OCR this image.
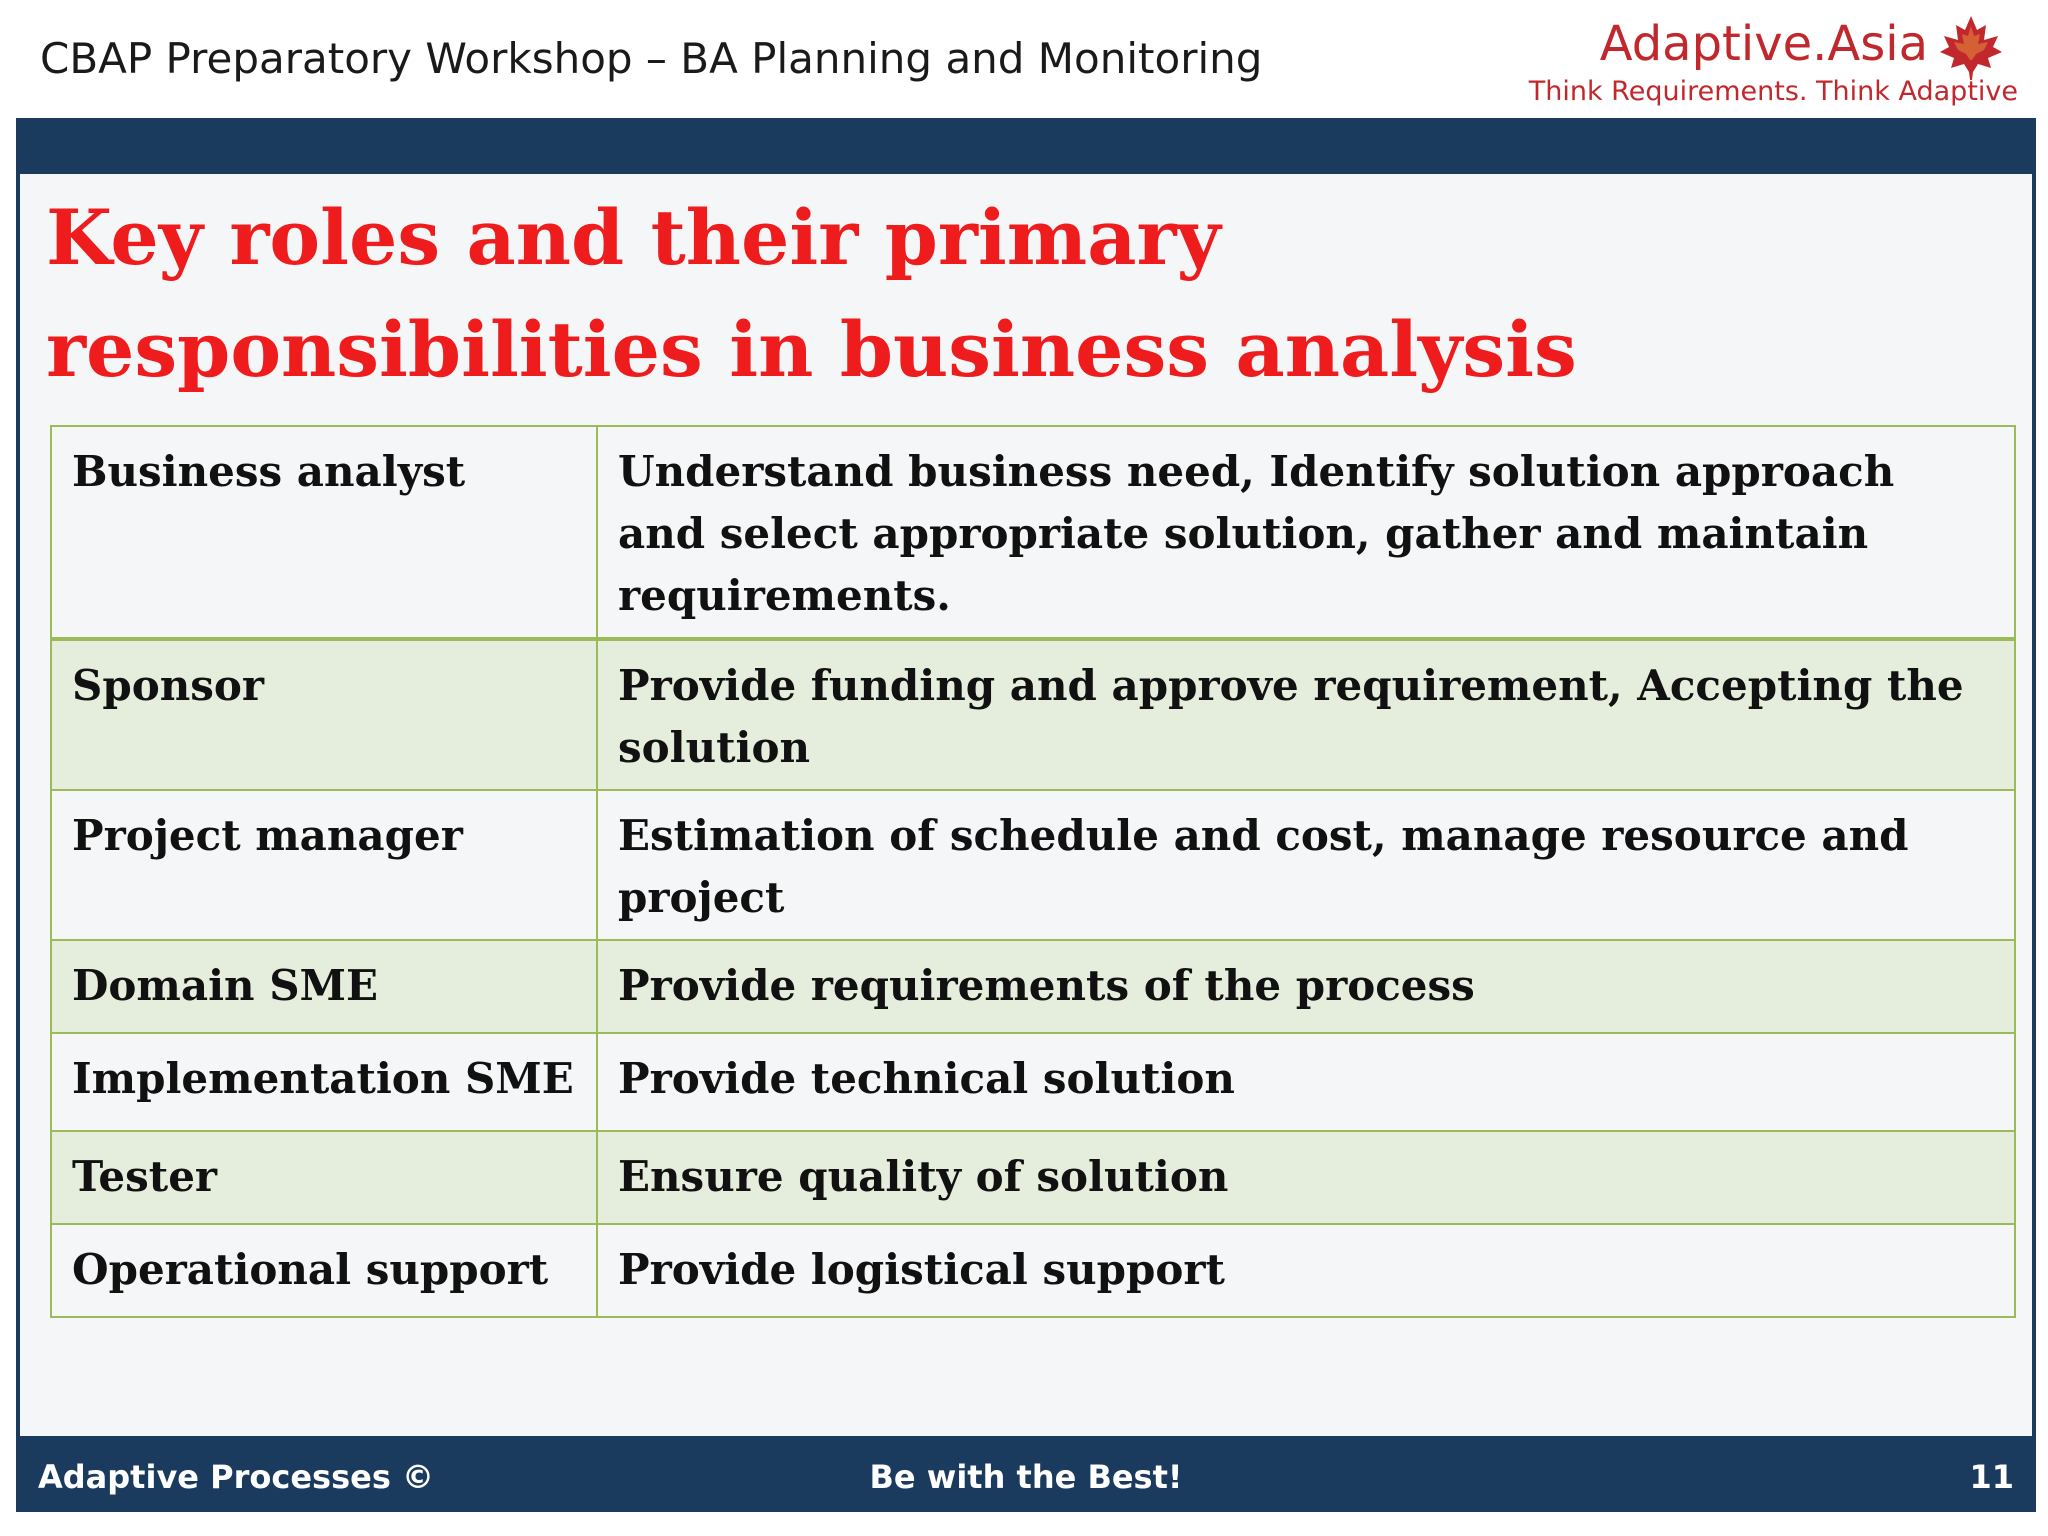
CBAP Preparatory Workshop – BA Planning and Monitoring	Adaptive.Asia
Think Requirements. Think Adaptive
Key roles and their primary
responsibilities in business analysis
Business analyst	Understand business need, Identify solution approach and select appropriate solution, gather and maintain requirements.
Sponsor	Provide funding and approve requirement, Accepting the solution
Project manager	Estimation of schedule and cost, manage resource and project
Domain SME	Provide requirements of the process
Implementation SME	Provide technical solution
Tester	Ensure quality of solution
Operational support	Provide logistical support
Adaptive Processes ©	Be with the Best!	11
